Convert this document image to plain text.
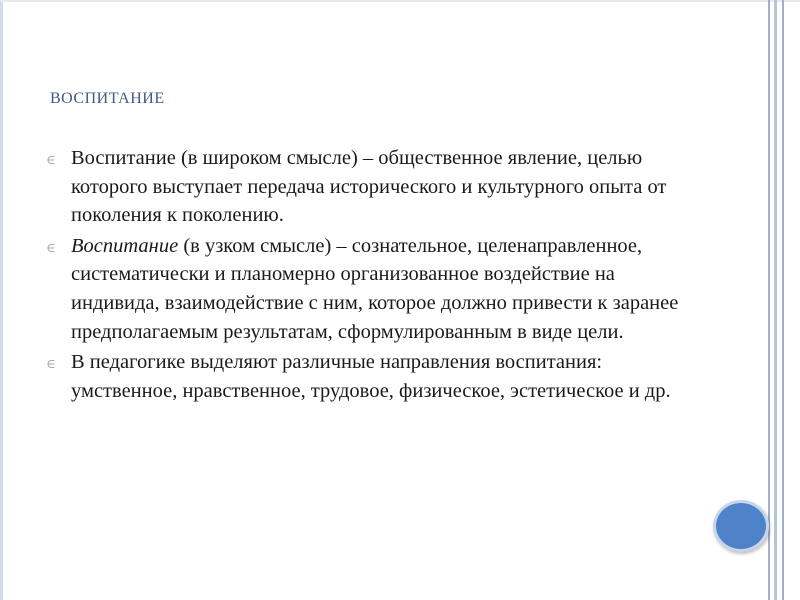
ВОСПИТАНИЕ
∈ Воспитание (в широком смысле) – общественное явление, целью которого выступает передача исторического и культурного опыта от поколения к поколению.
∈ Воспитание (в узком смысле) – сознательное, целенаправленное, систематически и планомерно организованное воздействие на индивида, взаимодействие с ним, которое должно привести к заранее предполагаемым результатам, сформулированным в виде цели.
∈ В педагогике выделяют различные направления воспитания: умственное, нравственное, трудовое, физическое, эстетическое и др.
